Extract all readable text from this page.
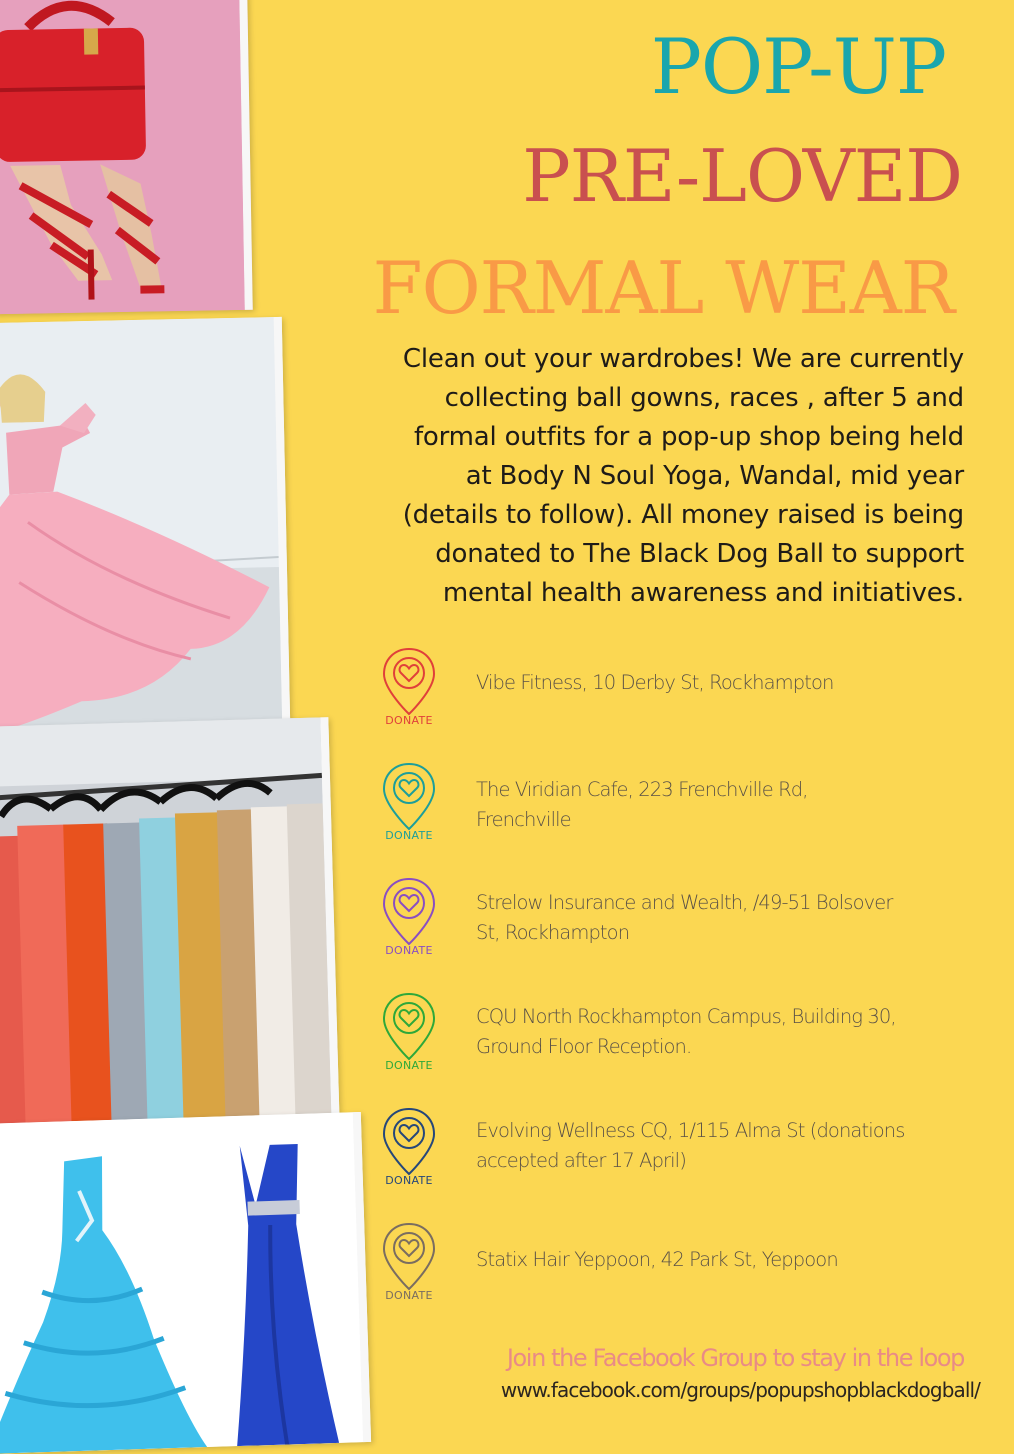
POP-UP
PRE-LOVED
FORMAL WEAR

Clean out your wardrobes! We are currently
collecting ball gowns, races , after 5 and
formal outfits for a pop-up shop being held
at Body N Soul Yoga, Wandal, mid year
(details to follow). All money raised is being
donated to The Black Dog Ball to support
mental health awareness and initiatives.

DONATE
Vibe Fitness, 10 Derby St, Rockhampton
DONATE
The Viridian Cafe, 223 Frenchville Rd,
Frenchville
DONATE
Strelow Insurance and Wealth, /49-51 Bolsover
St, Rockhampton
DONATE
CQU North Rockhampton Campus, Building 30,
Ground Floor Reception.
DONATE
Evolving Wellness CQ, 1/115 Alma St (donations
accepted after 17 April)
DONATE
Statix Hair Yeppoon, 42 Park St, Yeppoon

Join the Facebook Group to stay in the loop

www.facebook.com/groups/popupshopblackdogball/
